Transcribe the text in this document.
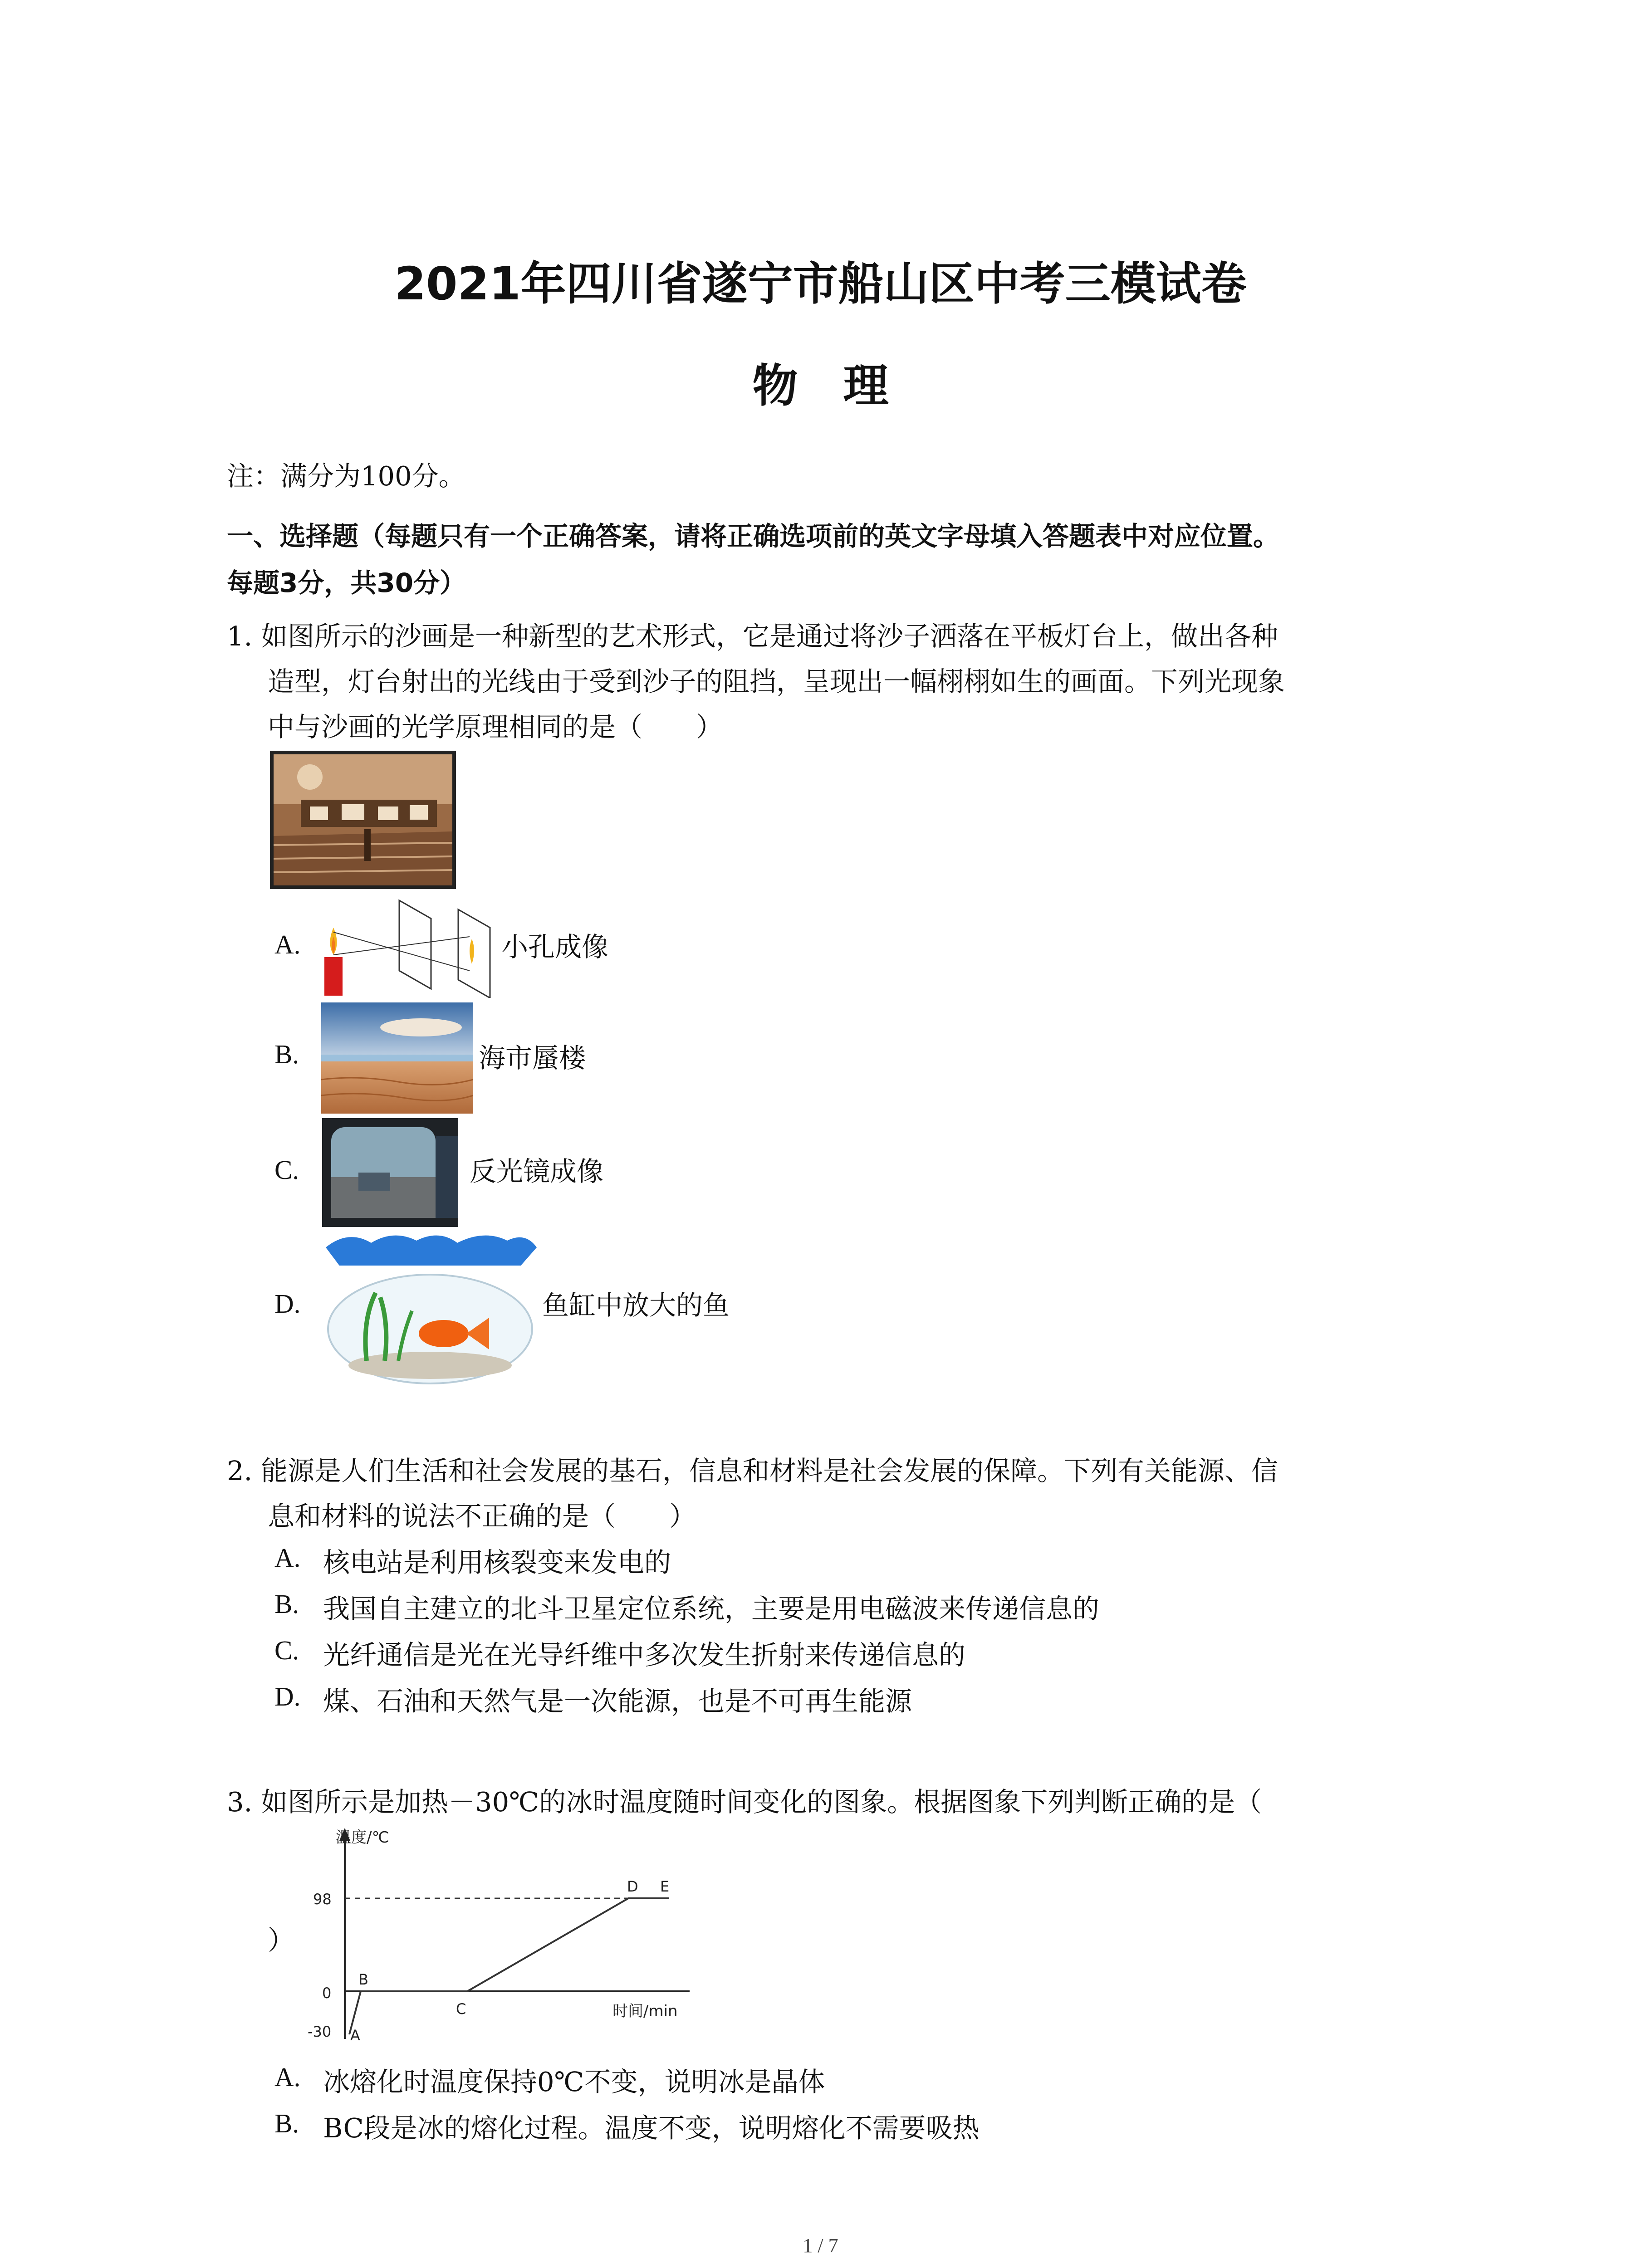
2021年四川省遂宁市船山区中考三模试卷
物　理
注：满分为100分。
一、选择题（每题只有一个正确答案，请将正确选项前的英文字母填入答题表中对应位置。
每题3分，共30分）
1. 如图所示的沙画是一种新型的艺术形式，它是通过将沙子洒落在平板灯台上，做出各种
造型，灯台射出的光线由于受到沙子的阻挡，呈现出一幅栩栩如生的画面。下列光现象
中与沙画的光学原理相同的是（　　）
A.	小孔成像
B.	海市蜃楼
C.	反光镜成像
D.	鱼缸中放大的鱼
2. 能源是人们生活和社会发展的基石，信息和材料是社会发展的保障。下列有关能源、信
息和材料的说法不正确的是（　　）
A. 核电站是利用核裂变来发电的
B. 我国自主建立的北斗卫星定位系统，主要是用电磁波来传递信息的
C. 光纤通信是光在光导纤维中多次发生折射来传递信息的
D. 煤、石油和天然气是一次能源，也是不可再生能源
3. 如图所示是加热－30℃的冰时温度随时间变化的图象。根据图象下列判断正确的是（
）
温度/℃
时间/min
98
0
-30 A
B
C
D E
A. 冰熔化时温度保持0℃不变，说明冰是晶体
B. BC段是冰的熔化过程。温度不变，说明熔化不需要吸热
1 / 7
